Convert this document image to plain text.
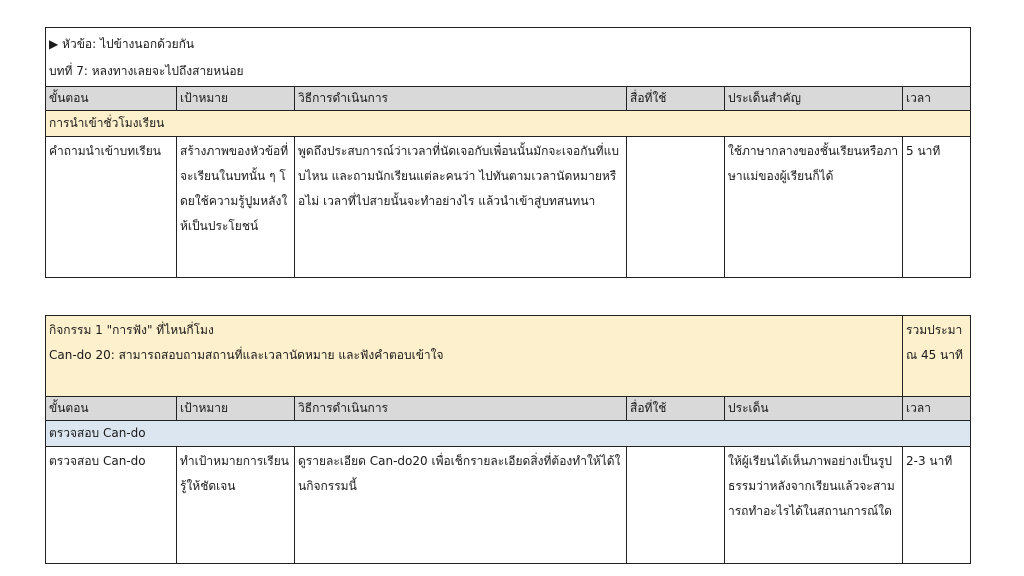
▶ หัวข้อ: ไปข้างนอกด้วยกัน					
บทที่ 7: หลงทางเลยจะไปถึงสายหน่อย					
ขั้นตอน	เป้าหมาย	วิธีการดำเนินการ	สื่อที่ใช้	ประเด็นสำคัญ	เวลา
การนำเข้าชั่วโมงเรียน					
คำถามนำเข้าบทเรียน	สร้างภาพของหัวข้อที่จะเรียนในบทนั้น ๆ โดยใช้ความรู้ปูมหลังให้เป็นประโยชน์	พูดถึงประสบการณ์ว่าเวลาที่นัดเจอกับเพื่อนนั้นมักจะเจอกันที่แบบไหน และถามนักเรียนแต่ละคนว่า ไปทันตามเวลานัดหมายหรือไม่ เวลาที่ไปสายนั้นจะทำอย่างไร แล้วนำเข้าสู่บทสนทนา		ใช้ภาษากลางของชั้นเรียนหรือภาษาแม่ของผู้เรียนก็ได้	5 นาที
กิจกรรม 1 "การฟัง" ที่ไหนกี่โมง
Can-do 20: สามารถสอบถามสถานที่และเวลานัดหมาย และฟังคำตอบเข้าใจ					รวมประมาณ 45 นาที
ขั้นตอน	เป้าหมาย	วิธีการดำเนินการ	สื่อที่ใช้	ประเด็น	เวลา
ตรวจสอบ Can-do					
ตรวจสอบ Can-do	ทำเป้าหมายการเรียนรู้ให้ชัดเจน	ดูรายละเอียด Can-do20 เพื่อเช็กรายละเอียดสิ่งที่ต้องทำให้ได้ในกิจกรรมนี้		ให้ผู้เรียนได้เห็นภาพอย่างเป็นรูปธรรมว่าหลังจากเรียนแล้วจะสามารถทำอะไรได้ในสถานการณ์ใด	2-3 นาที
